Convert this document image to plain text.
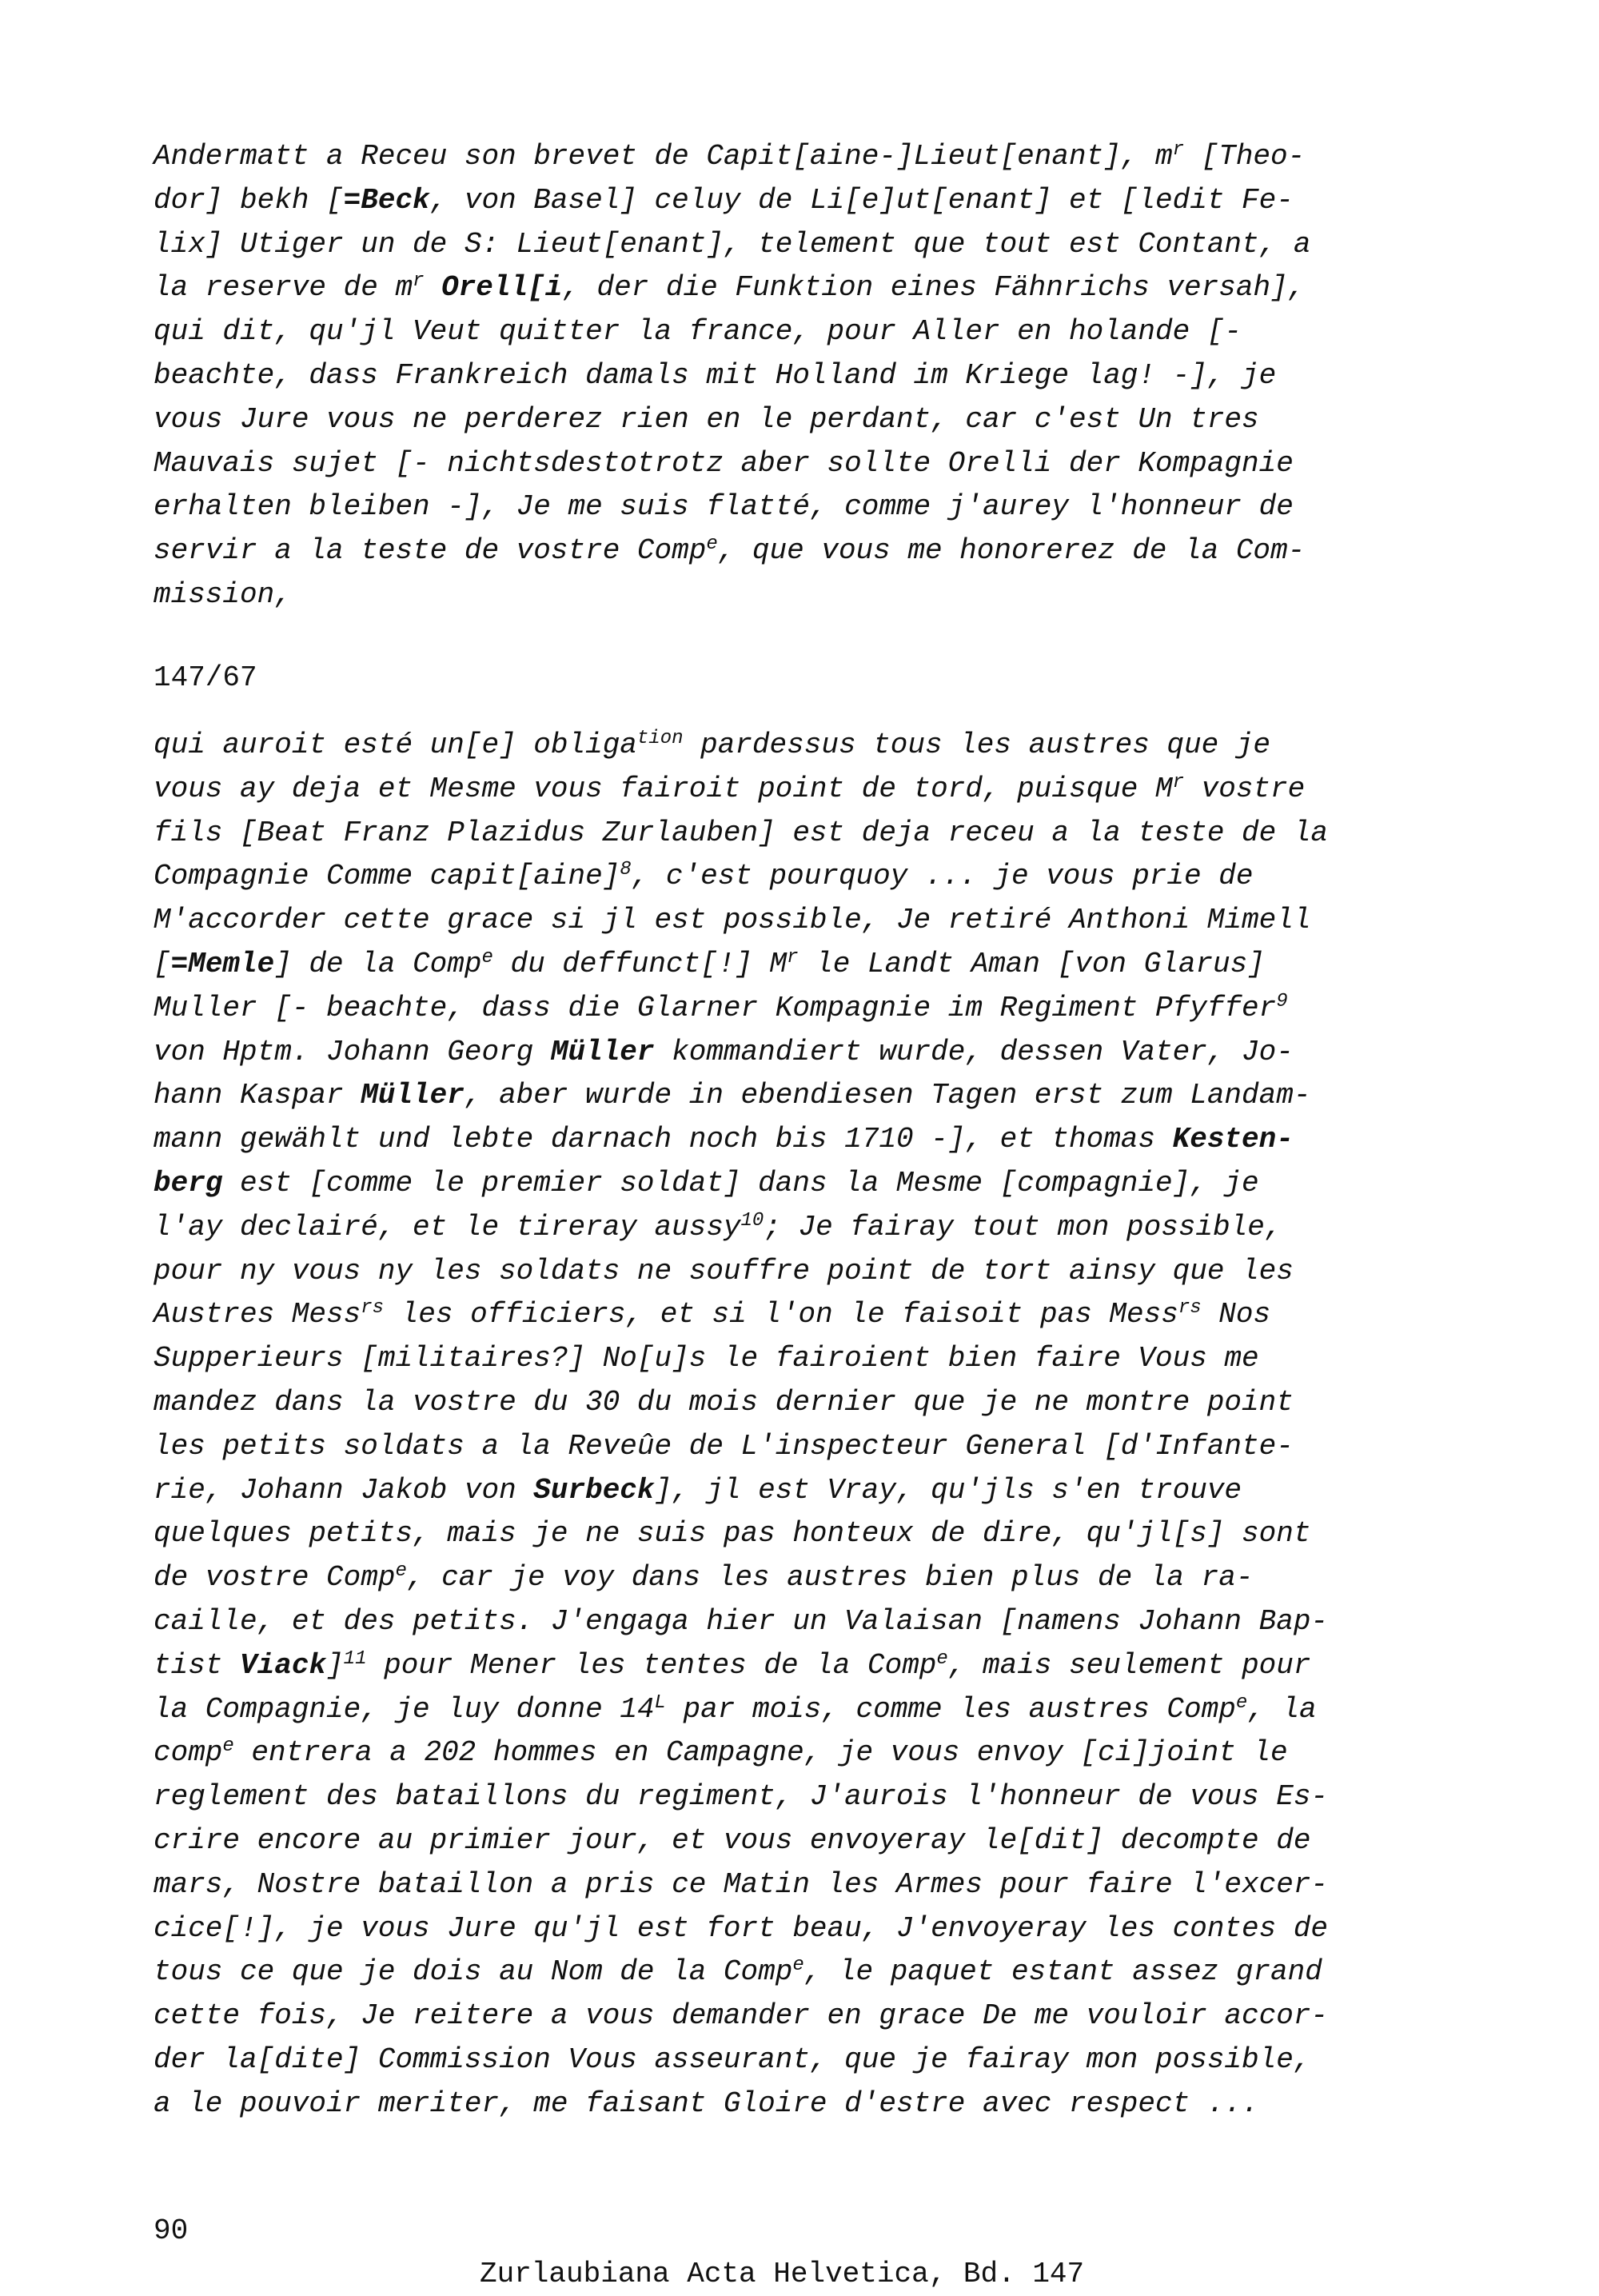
Andermatt a Receu son brevet de Capit[aine-]Lieut[enant], $m^r$ [Theo-
dor] bekh [=Beck, von Basel] celuy de Li[e]ut[enant] et [ledit Fe-
lix] Utiger un de S: Lieut[enant], telement que tout est Contant, a
la reserve de $m^r$ Orell[i, der die Funktion eines Fähnrichs versah],
qui dit, qu'jl Veut quitter la france, pour Aller en holande [-
beachte, dass Frankreich damals mit Holland im Kriege lag! -], je
vous Jure vous ne perderez rien en le perdant, car c'est Un tres
Mauvais sujet [- nichtsdestotrotz aber sollte Orelli der Kompagnie
erhalten bleiben -], Je me suis flatté, comme j'aurey l'honneur de
servir a la teste de vostre Comp$^e$, que vous me honorerez de la Com-
mission,
147/67
qui auroit esté un[e] obliga$^{tion}$ pardessus tous les austres que je
vous ay deja et Mesme vous fairoit point de tord, puisque $M^r$ vostre
fils [Beat Franz Plazidus Zurlauben] est deja receu a la teste de la
Compagnie Comme capit[aine]$^8$, c'est pourquoy ... je vous prie de
M'accorder cette grace si jl est possible, Je retiré Anthoni Mimell
[=Memle] de la Comp$^e$ du deffunct[!] $M^r$ le Landt Aman [von Glarus]
Muller [- beachte, dass die Glarner Kompagnie im Regiment Pfyffer$^9$
von Hptm. Johann Georg Müller kommandiert wurde, dessen Vater, Jo-
hann Kaspar Müller, aber wurde in ebendiesen Tagen erst zum Landam-
mann gewählt und lebte darnach noch bis 1710 -], et thomas Kesten-
berg est [comme le premier soldat] dans la Mesme [compagnie], je
l'ay declairé, et le tireray aussy$^{10}$; Je fairay tout mon possible,
pour ny vous ny les soldats ne souffre point de tort ainsy que les
Austres Mess$^{rs}$ les officiers, et si l'on le faisoit pas Mess$^{rs}$ Nos
Supperieurs [militaires?] No[u]s le fairoient bien faire Vous me
mandez dans la vostre du 30 du mois dernier que je ne montre point
les petits soldats a la Reveûe de L'inspecteur General [d'Infante-
rie, Johann Jakob von Surbeck], jl est Vray, qu'jls s'en trouve
quelques petits, mais je ne suis pas honteux de dire, qu'jl[s] sont
de vostre Comp$^e$, car je voy dans les austres bien plus de la ra-
caille, et des petits. J'engaga hier un Valaisan [namens Johann Bap-
tist Viack]$^{11}$ pour Mener les tentes de la Comp$^e$, mais seulement pour
la Compagnie, je luy donne $14^L$ par mois, comme les austres Comp$^e$, la
comp$^e$ entrera a 202 hommes en Campagne, je vous envoy [ci]joint le
reglement des bataillons du regiment, J'aurois l'honneur de vous Es-
crire encore au primier jour, et vous envoyeray le[dit] decompte de
mars, Nostre bataillon a pris ce Matin les Armes pour faire l'excer-
cice[!], je vous Jure qu'jl est fort beau, J'envoyeray les contes de
tous ce que je dois au Nom de la Comp$^e$, le paquet estant assez grand
cette fois, Je reitere a vous demander en grace De me vouloir accor-
der la[dite] Commission Vous asseurant, que je fairay mon possible,
a le pouvoir meriter, me faisant Gloire d'estre avec respect ...

90

Zurlaubiana Acta Helvetica, Bd. 147
